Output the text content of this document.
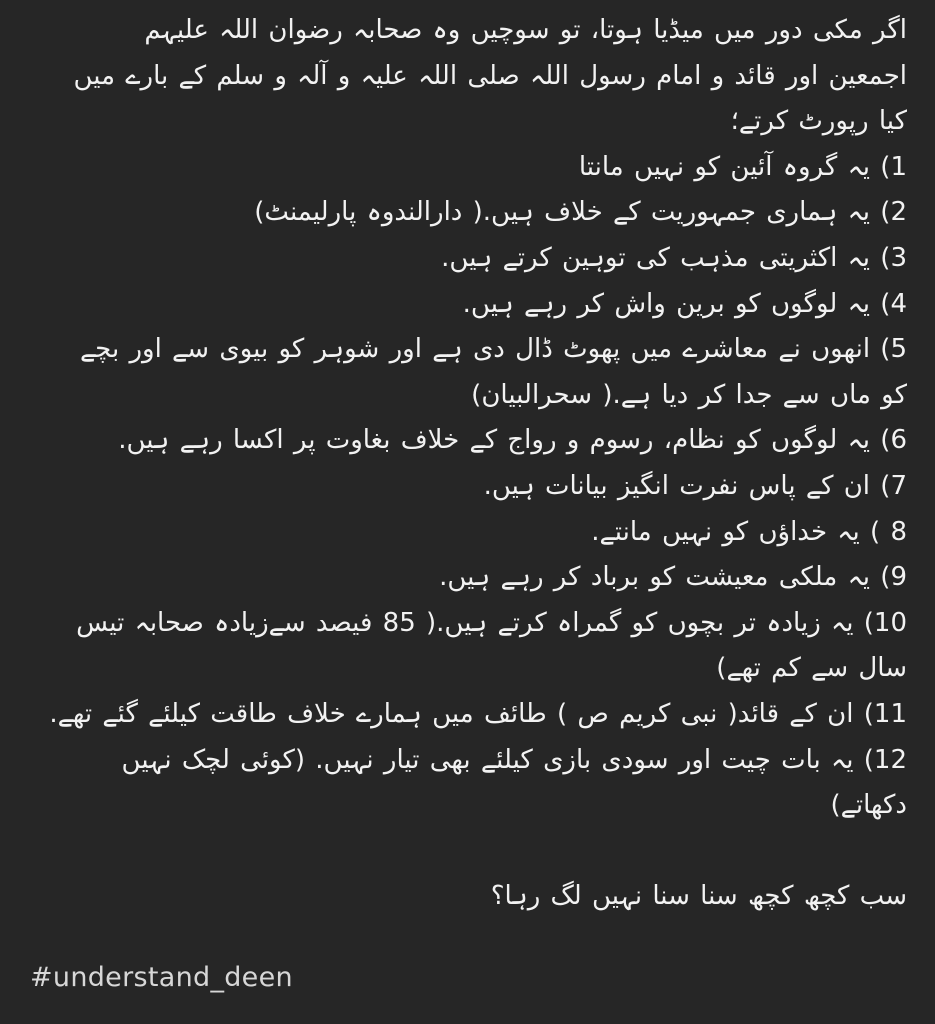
اگر مکی دور میں میڈیا ہوتا، تو سوچیں وہ صحابہ رضوان اللہ علیہم
اجمعین اور قائد و امام رسول اللہ صلی اللہ علیہ و آلہ و سلم کے بارے میں
کیا رپورٹ کرتے؛
1) یہ گروہ آئین کو نہیں مانتا
2) یہ ہماری جمہوریت کے خلاف ہیں.( دارالندوہ پارلیمنٹ)
3) یہ اکثریتی مذہب کی توہین کرتے ہیں.
4) یہ لوگوں کو برین واش کر رہے ہیں.
5) انھوں نے معاشرے میں پھوٹ ڈال دی ہے اور شوہر کو بیوی سے اور بچے
کو ماں سے جدا کر دیا ہے.( سحرالبیان)
6) یہ لوگوں کو نظام، رسوم و رواج کے خلاف بغاوت پر اکسا رہے ہیں.
7) ان کے پاس نفرت انگیز بیانات ہیں.
8 ) یہ خداؤں کو نہیں مانتے.
9) یہ ملکی معیشت کو برباد کر رہے ہیں.
10) یہ زیادہ تر بچوں کو گمراہ کرتے ہیں.( 85 فیصد سےزیادہ صحابہ تیس
سال سے کم تھے)
11) ان کے قائد( نبی کریم ص ) طائف میں ہمارے خلاف طاقت کیلئے گئے تھے.
12) یہ بات چیت اور سودی بازی کیلئے بھی تیار نہیں. (کوئی لچک نہیں
دکھاتے)
سب کچھ کچھ سنا سنا نہیں لگ رہا؟
#understand_deen
